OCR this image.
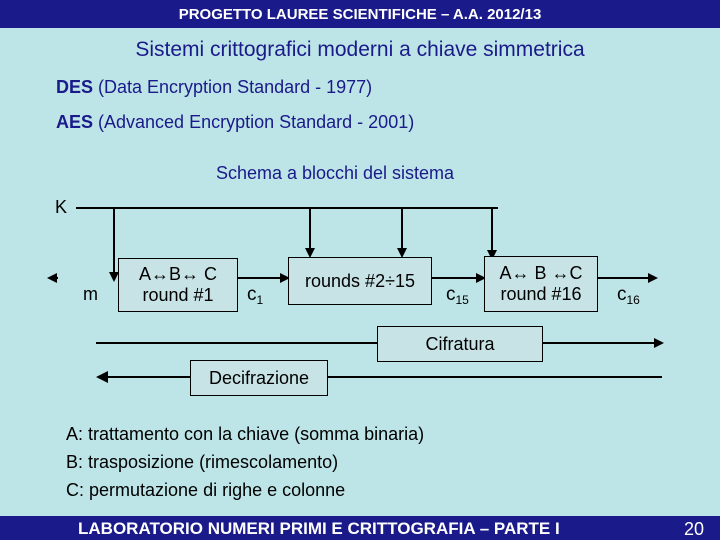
PROGETTO LAUREE SCIENTIFICHE – A.A. 2012/13
Sistemi crittografici moderni a chiave simmetrica
DES (Data Encryption Standard - 1977)
AES (Advanced Encryption Standard - 2001)
Schema a blocchi del sistema
K
m
A↔B↔ C
round #1 $c_1$
rounds #2÷15
$c_{15}$
A↔ B ↔C
round #16 $c_{16}$
Cifratura
Decifrazione
A: trattamento con la chiave (somma binaria)
B: trasposizione (rimescolamento)
C: permutazione di righe e colonne
LABORATORIO NUMERI PRIMI E CRITTOGRAFIA – PARTE I	20
